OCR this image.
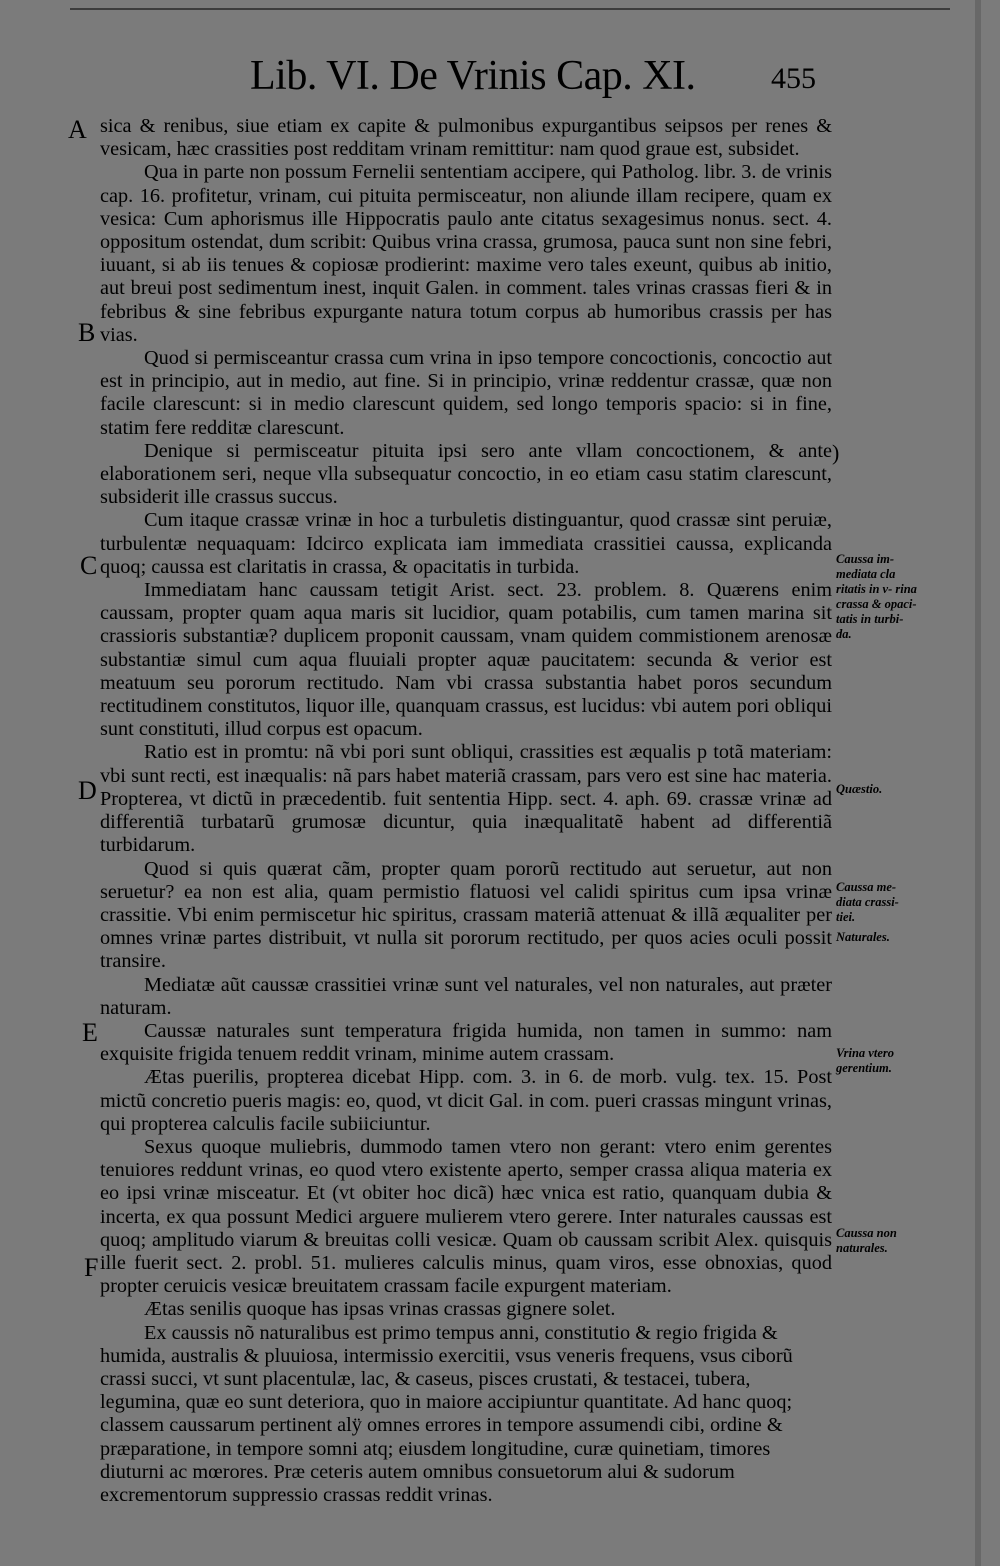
Lib. VI. De Vrinis Cap. XI.	455
A
B
C
D
E
F
)
Caussa im- mediata cla ritatis in v- rina crassa & opaci- tatis in turbi- da.
Quæstio.
Caussa me- diata crassi- tiei.
Naturales.
Vrina vtero gerentium.
Caussa non naturales.

sica & renibus, siue etiam ex capite & pulmonibus expurgantibus seipsos per renes & vesicam, hæc crassities post redditam vrinam remittitur: nam quod graue est, subsidet.

Qua in parte non possum Fernelii sententiam accipere, qui Patholog. libr. 3. de vrinis cap. 16. profitetur, vrinam, cui pituita permisceatur, non aliunde illam recipere, quam ex vesica: Cum aphorismus ille Hippocratis paulo ante citatus sexagesimus nonus. sect. 4. oppositum ostendat, dum scribit: Quibus vrina crassa, grumosa, pauca sunt non sine febri, iuuant, si ab iis tenues & copiosæ prodierint: maxime vero tales exeunt, quibus ab initio, aut breui post sedimentum inest, inquit Galen. in comment. tales vrinas crassas fieri & in febribus & sine febribus expurgante natura totum corpus ab humoribus crassis per has vias.

Quod si permisceantur crassa cum vrina in ipso tempore concoctionis, concoctio aut est in principio, aut in medio, aut fine. Si in principio, vrinæ reddentur crassæ, quæ non facile clarescunt: si in medio clarescunt quidem, sed longo temporis spacio: si in fine, statim fere redditæ clarescunt.

Denique si permisceatur pituita ipsi sero ante vllam concoctionem, & ante elaborationem seri, neque vlla subsequatur concoctio, in eo etiam casu statim clarescunt, subsiderit ille crassus succus.

Cum itaque crassæ vrinæ in hoc a turbuletis distinguantur, quod crassæ sint peruiæ, turbulentæ nequaquam: Idcirco explicata iam immediata crassitiei caussa, explicanda quoq; caussa est claritatis in crassa, & opacitatis in turbida.

Immediatam hanc caussam tetigit Arist. sect. 23. problem. 8. Quærens enim caussam, propter quam aqua maris sit lucidior, quam potabilis, cum tamen marina sit crassioris substantiæ? duplicem proponit caussam, vnam quidem commistionem arenosæ substantiæ simul cum aqua fluuiali propter aquæ paucitatem: secunda & verior est meatuum seu pororum rectitudo. Nam vbi crassa substantia habet poros secundum rectitudinem constitutos, liquor ille, quanquam crassus, est lucidus: vbi autem pori obliqui sunt constituti, illud corpus est opacum.

Ratio est in promtu: nã vbi pori sunt obliqui, crassities est æqualis p totã materiam: vbi sunt recti, est inæqualis: nã pars habet materiã crassam, pars vero est sine hac materia. Propterea, vt dictũ in præcedentib. fuit sententia Hipp. sect. 4. aph. 69. crassæ vrinæ ad differentiã turbatarũ grumosæ dicuntur, quia inæqualitatẽ habent ad differentiã turbidarum.

Quod si quis quærat cãm, propter quam pororũ rectitudo aut seruetur, aut non seruetur? ea non est alia, quam permistio flatuosi vel calidi spiritus cum ipsa vrinæ crassitie. Vbi enim permiscetur hic spiritus, crassam materiã attenuat & illã æqualiter per omnes vrinæ partes distribuit, vt nulla sit pororum rectitudo, per quos acies oculi possit transire.

Mediatæ aũt caussæ crassitiei vrinæ sunt vel naturales, vel non naturales, aut præter naturam.

Caussæ naturales sunt temperatura frigida humida, non tamen in summo: nam exquisite frigida tenuem reddit vrinam, minime autem crassam.

Ætas puerilis, propterea dicebat Hipp. com. 3. in 6. de morb. vulg. tex. 15. Post mictũ concretio pueris magis: eo, quod, vt dicit Gal. in com. pueri crassas mingunt vrinas, qui propterea calculis facile subiiciuntur.

Sexus quoque muliebris, dummodo tamen vtero non gerant: vtero enim gerentes tenuiores reddunt vrinas, eo quod vtero existente aperto, semper crassa aliqua materia ex eo ipsi vrinæ misceatur. Et (vt obiter hoc dicã) hæc vnica est ratio, quanquam dubia & incerta, ex qua possunt Medici arguere mulierem vtero gerere. Inter naturales caussas est quoq; amplitudo viarum & breuitas colli vesicæ. Quam ob caussam scribit Alex. quisquis ille fuerit sect. 2. probl. 51. mulieres calculis minus, quam viros, esse obnoxias, quod propter ceruicis vesicæ breuitatem crassam facile expurgent materiam.

Ætas senilis quoque has ipsas vrinas crassas gignere solet.

Ex caussis nõ naturalibus est primo tempus anni, constitutio & regio frigida & humida, australis & pluuiosa, intermissio exercitii, vsus veneris frequens, vsus ciborũ crassi succi, vt sunt placentulæ, lac, & caseus, pisces crustati, & testacei, tubera, legumina, quæ eo sunt deteriora, quo in maiore accipiuntur quantitate. Ad hanc quoq; classem caussarum pertinent alÿ omnes errores in tempore assumendi cibi, ordine & præparatione, in tempore somni atq; eiusdem longitudine, curæ quinetiam, timores diuturni ac mœrores. Præ ceteris autem omnibus consuetorum alui & sudorum excrementorum suppressio crassas reddit vrinas.
